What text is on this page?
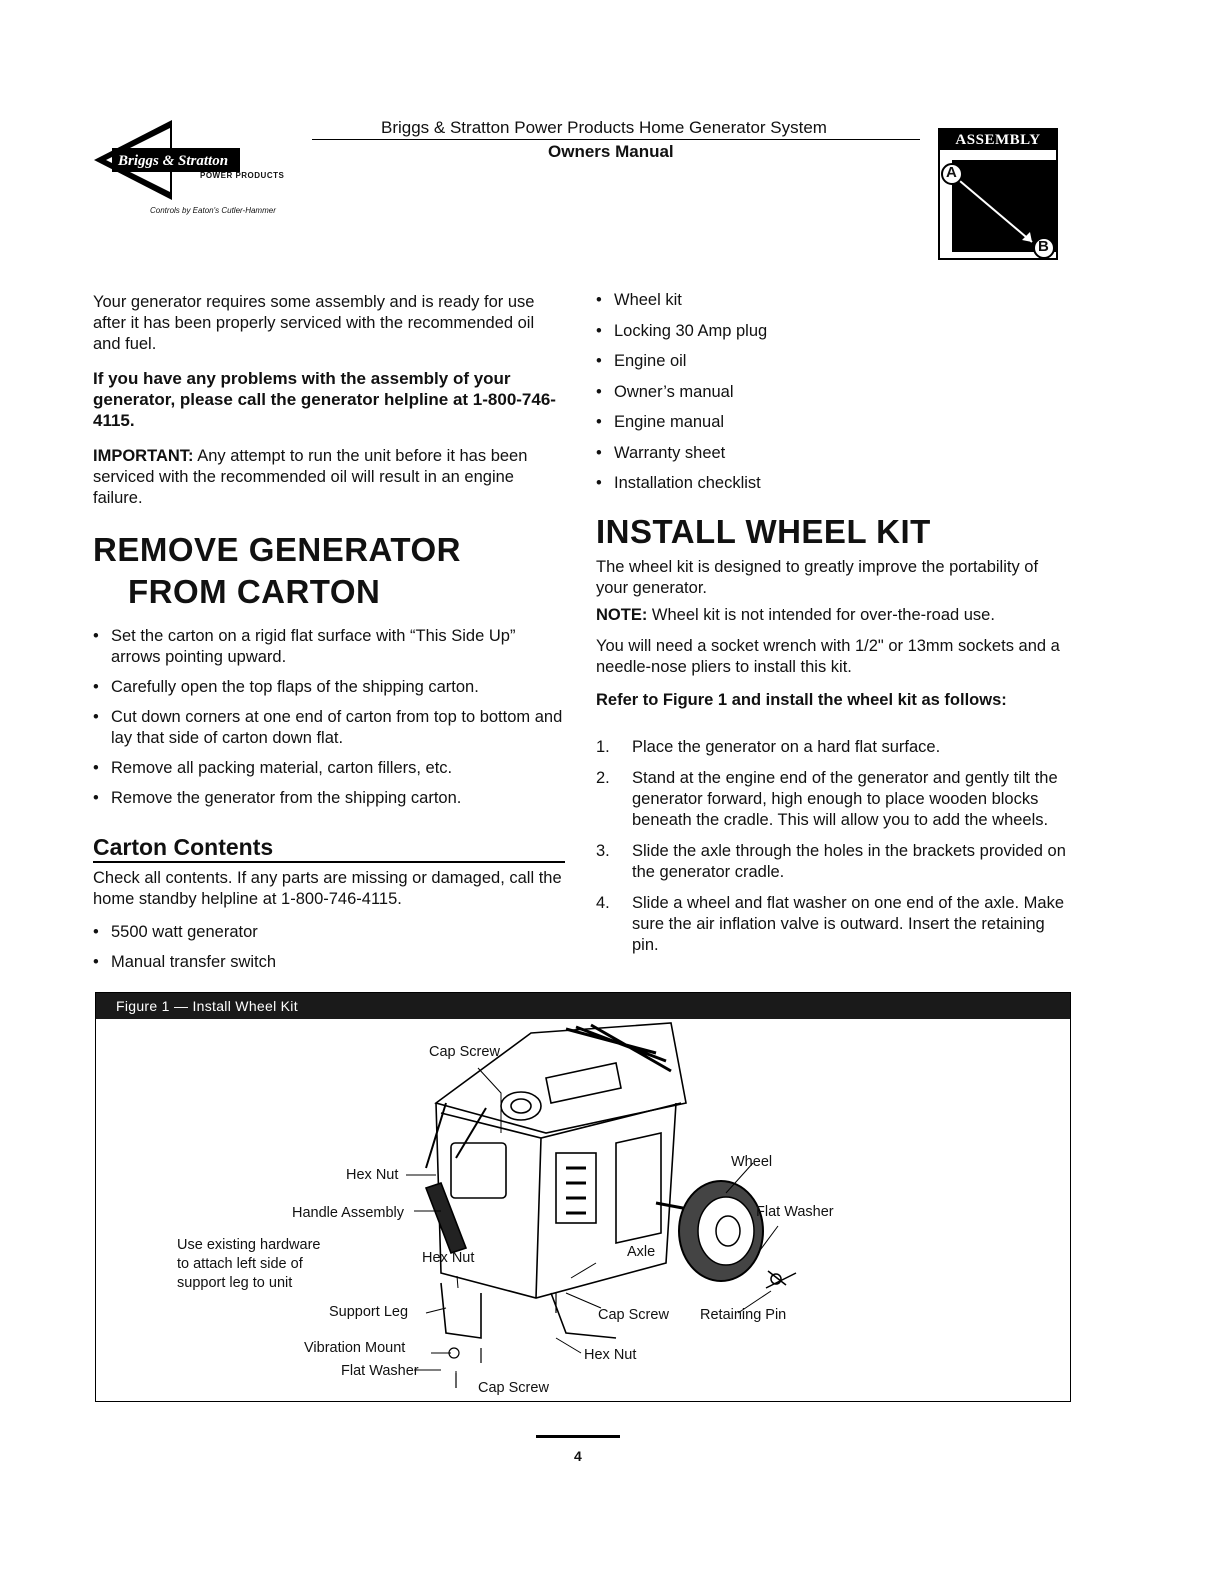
Briggs & Stratton
POWER PRODUCTS
Controls by Eaton's Cutler-Hammer
Briggs & Stratton Power Products Home Generator System
Owners Manual
ASSEMBLY
A
B
Your generator requires some assembly and is ready for use after it has been properly serviced with the recommended oil and fuel.
If you have any problems with the assembly of your generator, please call the generator helpline at 1-800-746-4115.
IMPORTANT: Any attempt to run the unit before it has been serviced with the recommended oil will result in an engine failure.
REMOVE GENERATOR
FROM CARTON
• Set the carton on a rigid flat surface with “This Side Up” arrows pointing upward.
• Carefully open the top flaps of the shipping carton.
• Cut down corners at one end of carton from top to bottom and lay that side of carton down flat.
• Remove all packing material, carton fillers, etc.
• Remove the generator from the shipping carton.
Carton Contents
Check all contents. If any parts are missing or damaged, call the home standby helpline at 1-800-746-4115.
• 5500 watt generator
• Manual transfer switch
• Wheel kit
• Locking 30 Amp plug
• Engine oil
• Owner’s manual
• Engine manual
• Warranty sheet
• Installation checklist
INSTALL WHEEL KIT
The wheel kit is designed to greatly improve the portability of your generator.
NOTE: Wheel kit is not intended for over-the-road use.
You will need a socket wrench with 1/2" or 13mm sockets and a needle-nose pliers to install this kit.
Refer to Figure 1 and install the wheel kit as follows:
1. Place the generator on a hard flat surface.
2. Stand at the engine end of the generator and gently tilt the generator forward, high enough to place wooden blocks beneath the cradle. This will allow you to add the wheels.
3. Slide the axle through the holes in the brackets provided on the generator cradle.
4. Slide a wheel and flat washer on one end of the axle. Make sure the air inflation valve is outward. Insert the retaining pin.
Figure 1 — Install Wheel Kit
Cap Screw
Hex Nut
Handle Assembly
Use existing hardware
to attach left side of
support leg to unit
Hex Nut
Support Leg
Vibration Mount
Flat Washer
Cap Screw
Axle
Cap Screw
Hex Nut
Wheel
Flat Washer
Retaining Pin
4
